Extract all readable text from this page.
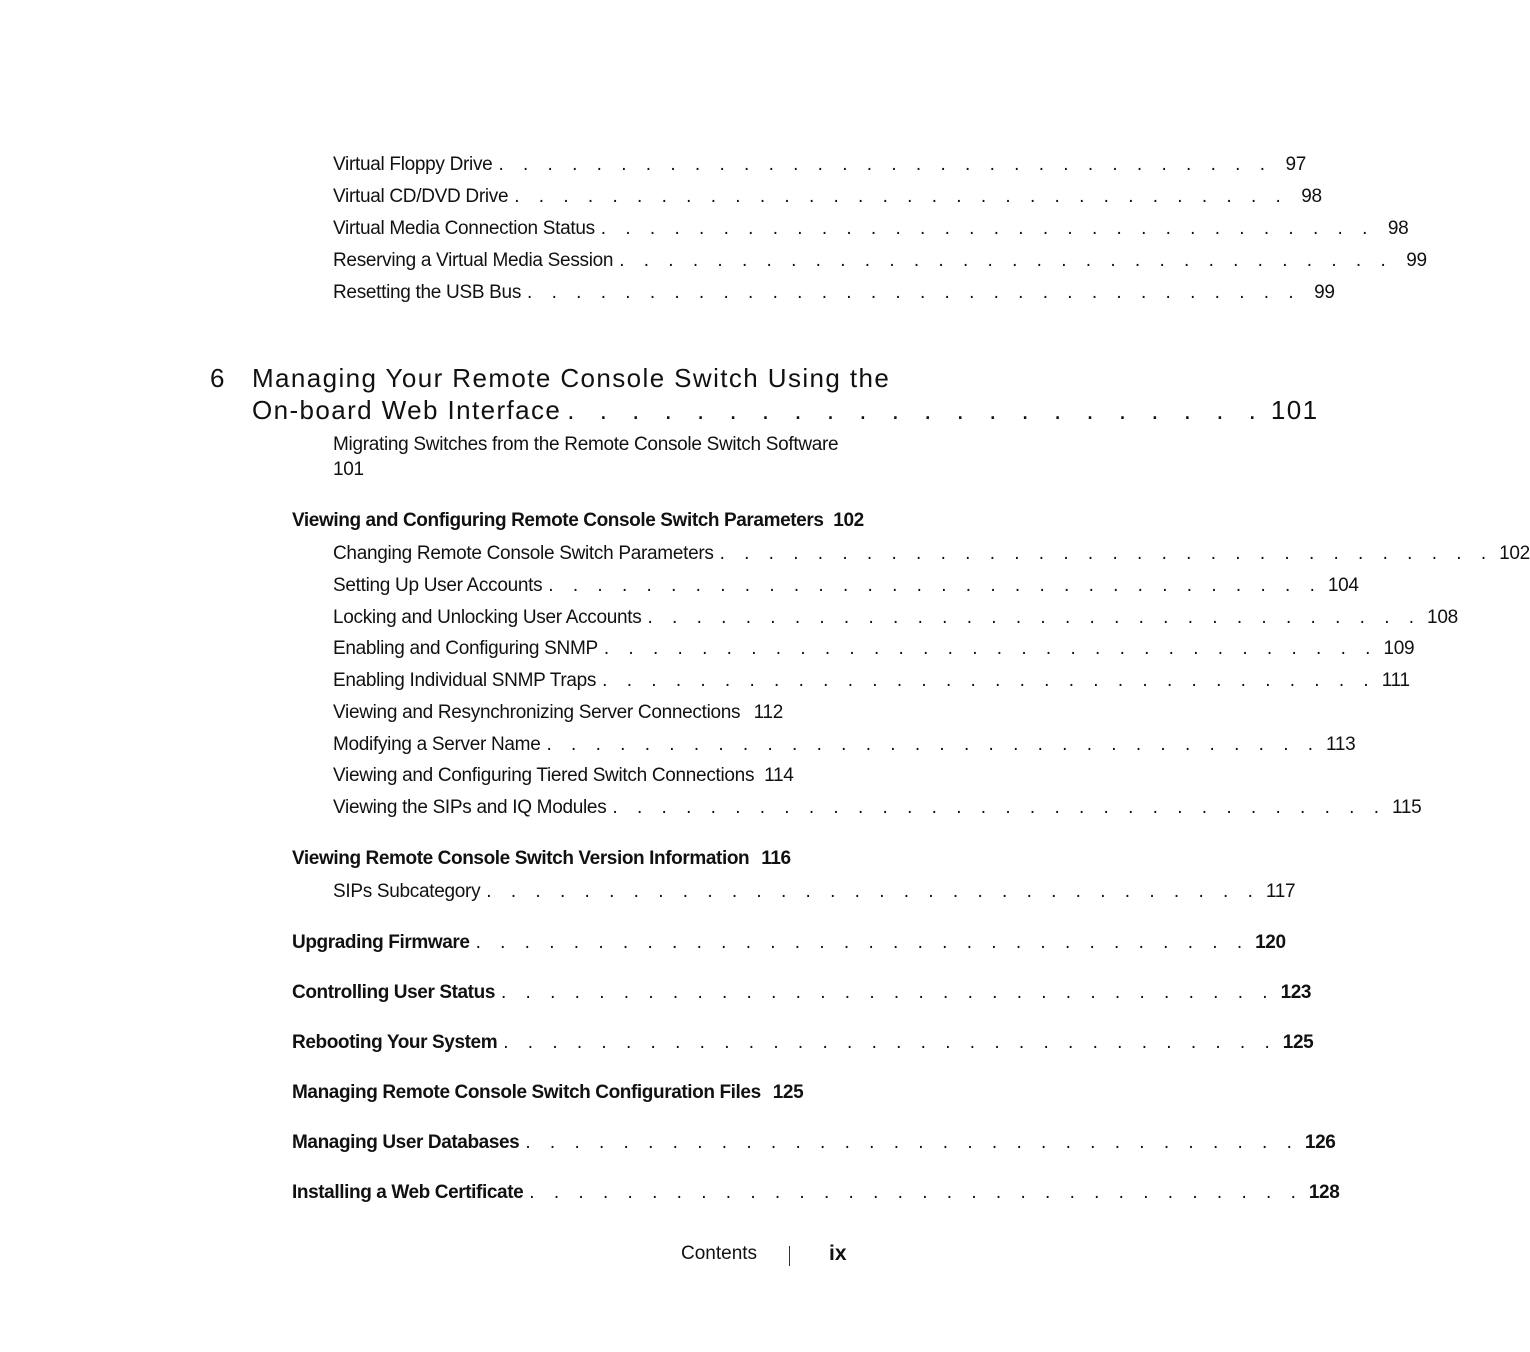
Virtual Floppy Drive . . . . . . . . . . . . . . . . . . . . . . . . . . . . . . . . 97
Virtual CD/DVD Drive . . . . . . . . . . . . . . . . . . . . . . . . . . . . . . . . 98
Virtual Media Connection Status . . . . . . . . . . . . . . . . . . . . . . . . . . . . . . . . 98
Reserving a Virtual Media Session . . . . . . . . . . . . . . . . . . . . . . . . . . . . . . . . 99
Resetting the USB Bus . . . . . . . . . . . . . . . . . . . . . . . . . . . . . . . . 99
6 Managing Your Remote Console Switch Using the
On-board Web Interface . . . . . . . . . . . . . . . . . . . . . . 101
Migrating Switches from the Remote Console Switch Software
101
Viewing and Configuring Remote Console Switch Parameters 102
Changing Remote Console Switch Parameters . . . . . . . . . . . . . . . . . . . . . . . . . . . . . . . . 102
Setting Up User Accounts . . . . . . . . . . . . . . . . . . . . . . . . . . . . . . . . 104
Locking and Unlocking User Accounts . . . . . . . . . . . . . . . . . . . . . . . . . . . . . . . . 108
Enabling and Configuring SNMP . . . . . . . . . . . . . . . . . . . . . . . . . . . . . . . . 109
Enabling Individual SNMP Traps . . . . . . . . . . . . . . . . . . . . . . . . . . . . . . . . 111
Viewing and Resynchronizing Server Connections 112
Modifying a Server Name . . . . . . . . . . . . . . . . . . . . . . . . . . . . . . . . 113
Viewing and Configuring Tiered Switch Connections 114
Viewing the SIPs and IQ Modules . . . . . . . . . . . . . . . . . . . . . . . . . . . . . . . . 115
Viewing Remote Console Switch Version Information 116
SIPs Subcategory . . . . . . . . . . . . . . . . . . . . . . . . . . . . . . . . 117
Upgrading Firmware . . . . . . . . . . . . . . . . . . . . . . . . . . . . . . . . 120
Controlling User Status . . . . . . . . . . . . . . . . . . . . . . . . . . . . . . . . 123
Rebooting Your System . . . . . . . . . . . . . . . . . . . . . . . . . . . . . . . . 125
Managing Remote Console Switch Configuration Files 125
Managing User Databases . . . . . . . . . . . . . . . . . . . . . . . . . . . . . . . . 126
Installing a Web Certificate . . . . . . . . . . . . . . . . . . . . . . . . . . . . . . . . 128
Contents	ix
